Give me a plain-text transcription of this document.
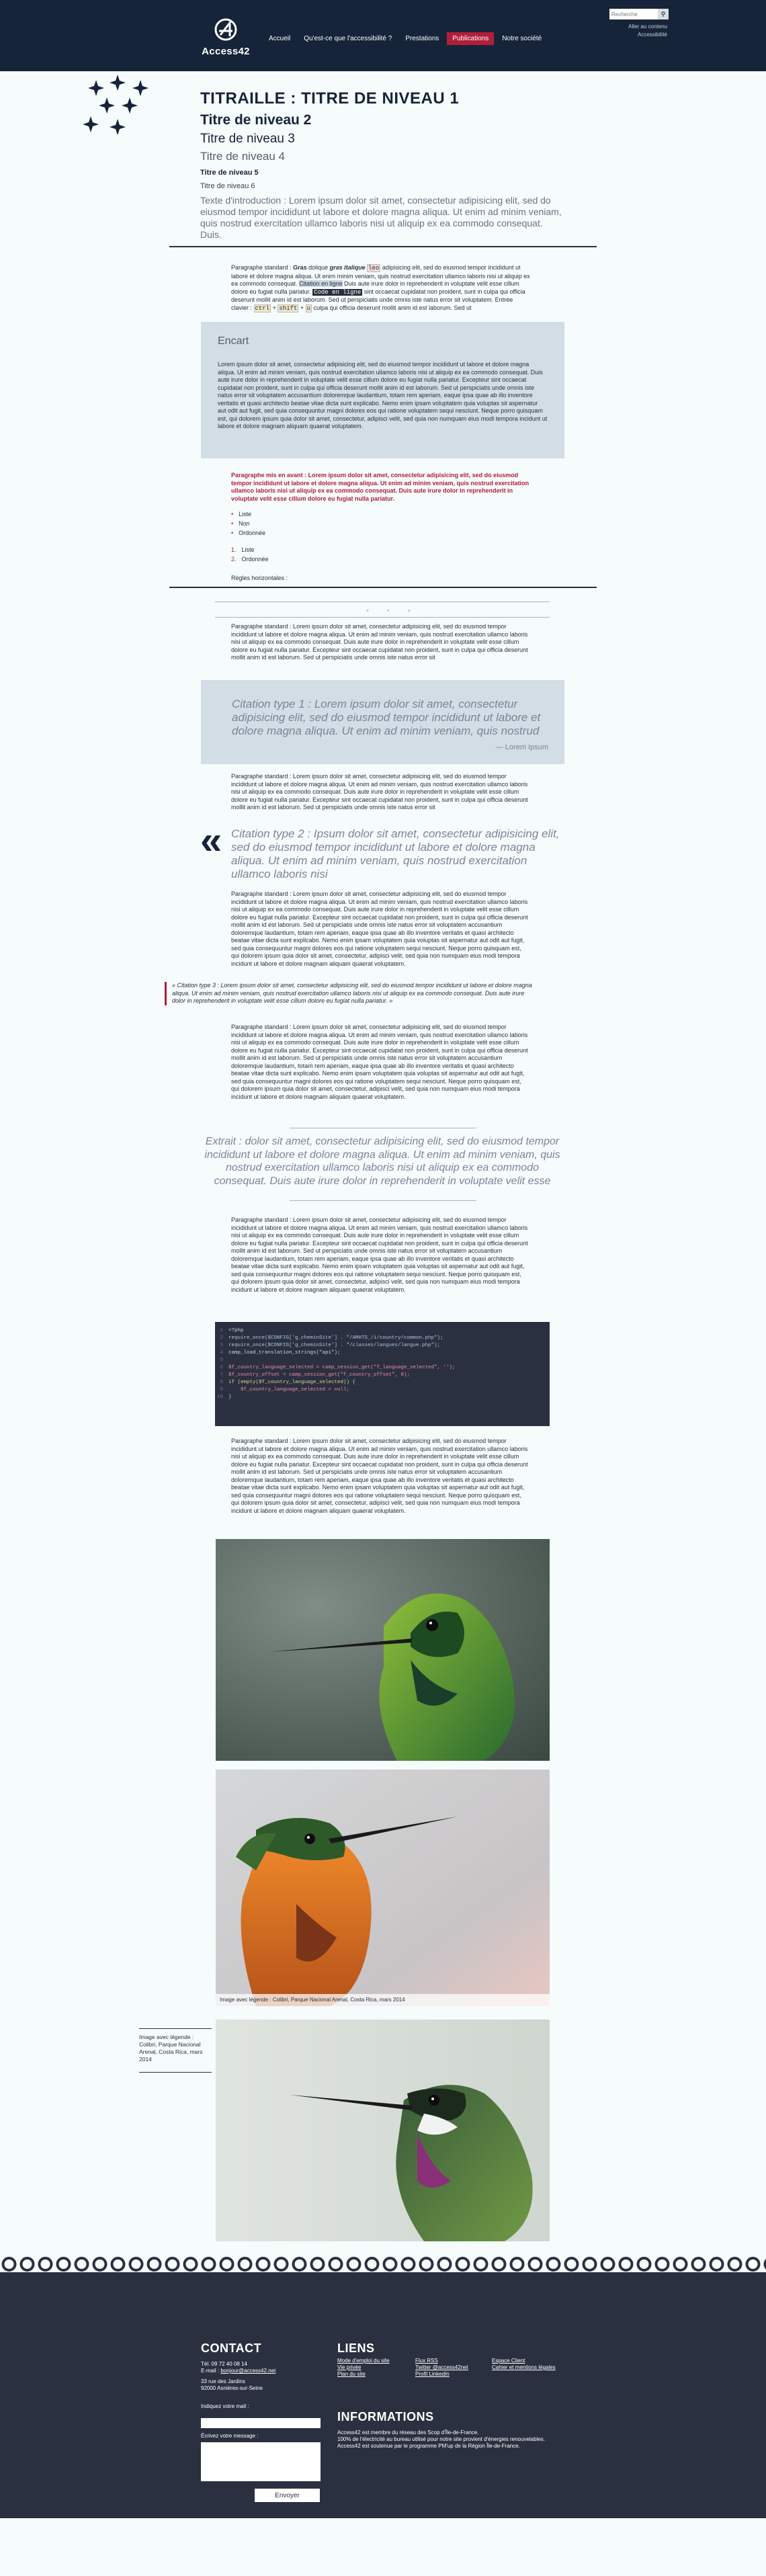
Access42
Accueil	Qu'est-ce que l'accessibilité ?	Prestations	Publications	Notre société
Recherche
⚲
Aller au contenu
Accessibilité
TITRAILLE : TITRE DE NIVEAU 1
Titre de niveau 2
Titre de niveau 3
Titre de niveau 4
Titre de niveau 5
Titre de niveau 6
Texte d'introduction : Lorem ipsum dolor sit amet, consectetur adipisicing elit, sed do eiusmod tempor incididunt ut labore et dolore magna aliqua. Ut enim ad minim veniam, quis nostrud exercitation ullamco laboris nisi ut aliquip ex ea commodo consequat. Duis.
Paragraphe standard : Gras dolique gras italique leo adipisicing elit, sed do eiusmod tempor incididunt ut labore et dolore magna aliqua. Ut enim minim veniam, quis nostrud exercitation ullamco laboris nisi ut aliquip ex ea commodo consequat. Citation en ligne Duis aute irure dolor in reprehenderit in voluptate velit esse cillum dolore eu fugiat nulla pariatur. Code en ligne sint occaecat cupidatat non proident, sunt in culpa qui officia deserunt mollit anim id est laborum. Sed ut perspiciatis unde omnis iste natus error sit voluptatem. Entrée clavier : ctrl + shift + u culpa qui officia deserunt mollit anim id est laborum. Sed ut
Encart
Lorem ipsum dolor sit amet, consectetur adipisicing elit, sed do eiusmod tempor incididunt ut labore et dolore magna aliqua. Ut enim ad minim veniam, quis nostrud exercitation ullamco laboris nisi ut aliquip ex ea commodo consequat. Duis aute irure dolor in reprehenderit in voluptate velit esse cillum dolore eu fugiat nulla pariatur. Excepteur sint occaecat cupidatat non proident, sunt in culpa qui officia deserunt mollit anim id est laborum. Sed ut perspiciatis unde omnis iste natus error sit voluptatem accusantium doloremque laudantium, totam rem aperiam, eaque ipsa quae ab illo inventore veritatis et quasi architecto beatae vitae dicta sunt explicabo. Nemo enim ipsam voluptatem quia voluptas sit aspernatur aut odit aut fugit, sed quia consequuntur magni dolores eos qui ratione voluptatem sequi nesciunt. Neque porro quisquam est, qui dolorem ipsum quia dolor sit amet, consectetur, adipisci velit, sed quia non numquam eius modi tempora incidunt ut labore et dolore magnam aliquam quaerat voluptatem.
Paragraphe mis en avant : Lorem ipsum dolor sit amet, consectetur adipisicing elit, sed do eiusmod tempor incididunt ut labore et dolore magna aliqua. Ut enim ad minim veniam, quis nostrud exercitation ullamco laboris nisi ut aliquip ex ea commodo consequat. Duis aute irure dolor in reprehenderit in voluptate velit esse cillum dolore eu fugiat nulla pariatur.
• Liste
• Non
• Ordonnée
1. Liste
2. Ordonnée
Règles horizontales :
• • •
Paragraphe standard : Lorem ipsum dolor sit amet, consectetur adipisicing elit, sed do eiusmod tempor incididunt ut labore et dolore magna aliqua. Ut enim ad minim veniam, quis nostrud exercitation ullamco laboris nisi ut aliquip ex ea commodo consequat. Duis aute irure dolor in reprehenderit in voluptate velit esse cillum dolore eu fugiat nulla pariatur. Excepteur sint occaecat cupidatat non proident, sunt in culpa qui officia deserunt mollit anim id est laborum. Sed ut perspiciatis unde omnis iste natus error sit
Citation type 1 : Lorem ipsum dolor sit amet, consectetur adipisicing elit, sed do eiusmod tempor incididunt ut labore et dolore magna aliqua. Ut enim ad minim veniam, quis nostrud
— Lorem Ipsum
Paragraphe standard : Lorem ipsum dolor sit amet, consectetur adipisicing elit, sed do eiusmod tempor incididunt ut labore et dolore magna aliqua. Ut enim ad minim veniam, quis nostrud exercitation ullamco laboris nisi ut aliquip ex ea commodo consequat. Duis aute irure dolor in reprehenderit in voluptate velit esse cillum dolore eu fugiat nulla pariatur. Excepteur sint occaecat cupidatat non proident, sunt in culpa qui officia deserunt mollit anim id est laborum. Sed ut perspiciatis unde omnis iste natus error sit
« Citation type 2 : Ipsum dolor sit amet, consectetur adipisicing elit, sed do eiusmod tempor incididunt ut labore et dolore magna aliqua. Ut enim ad minim veniam, quis nostrud exercitation ullamco laboris nisi
Paragraphe standard : Lorem ipsum dolor sit amet, consectetur adipisicing elit, sed do eiusmod tempor incididunt ut labore et dolore magna aliqua. Ut enim ad minim veniam, quis nostrud exercitation ullamco laboris nisi ut aliquip ex ea commodo consequat. Duis aute irure dolor in reprehenderit in voluptate velit esse cillum dolore eu fugiat nulla pariatur. Excepteur sint occaecat cupidatat non proident, sunt in culpa qui officia deserunt mollit anim id est laborum. Sed ut perspiciatis unde omnis iste natus error sit voluptatem accusantium doloremque laudantium, totam rem aperiam, eaque ipsa quae ab illo inventore veritatis et quasi architecto beatae vitae dicta sunt explicabo. Nemo enim ipsam voluptatem quia voluptas sit aspernatur aut odit aut fugit, sed quia consequuntur magni dolores eos qui ratione voluptatem sequi nesciunt. Neque porro quisquam est, qui dolorem ipsum quia dolor sit amet, consectetur, adipisci velit, sed quia non numquam eius modi tempora incidunt ut labore et dolore magnam aliquam quaerat voluptatem.
« Citation type 3 : Lorem ipsum dolor sit amet, consectetur adipisicing elit, sed do eiusmod tempor incididunt ut labore et dolore magna aliqua. Ut enim ad minim veniam, quis nostrud exercitation ullamco laboris nisi ut aliquip ex ea commodo consequat. Duis aute irure dolor in reprehenderit in voluptate velit esse cillum dolore eu fugiat nulla pariatur. »
Paragraphe standard : Lorem ipsum dolor sit amet, consectetur adipisicing elit, sed do eiusmod tempor incididunt ut labore et dolore magna aliqua. Ut enim ad minim veniam, quis nostrud exercitation ullamco laboris nisi ut aliquip ex ea commodo consequat. Duis aute irure dolor in reprehenderit in voluptate velit esse cillum dolore eu fugiat nulla pariatur. Excepteur sint occaecat cupidatat non proident, sunt in culpa qui officia deserunt mollit anim id est laborum. Sed ut perspiciatis unde omnis iste natus error sit voluptatem accusantium doloremque laudantium, totam rem aperiam, eaque ipsa quae ab illo inventore veritatis et quasi architecto beatae vitae dicta sunt explicabo. Nemo enim ipsam voluptatem quia voluptas sit aspernatur aut odit aut fugit, sed quia consequuntur magni dolores eos qui ratione voluptatem sequi nesciunt. Neque porro quisquam est, qui dolorem ipsum quia dolor sit amet, consectetur, adipisci velit, sed quia non numquam eius modi tempora incidunt ut labore et dolore magnam aliquam quaerat voluptatem.
Extrait : dolor sit amet, consectetur adipisicing elit, sed do eiusmod tempor incididunt ut labore et dolore magna aliqua. Ut enim ad minim veniam, quis nostrud exercitation ullamco laboris nisi ut aliquip ex ea commodo consequat. Duis aute irure dolor in reprehenderit in voluptate velit esse
Paragraphe standard : Lorem ipsum dolor sit amet, consectetur adipisicing elit, sed do eiusmod tempor incididunt ut labore et dolore magna aliqua. Ut enim ad minim veniam, quis nostrud exercitation ullamco laboris nisi ut aliquip ex ea commodo consequat. Duis aute irure dolor in reprehenderit in voluptate velit esse cillum dolore eu fugiat nulla pariatur. Excepteur sint occaecat cupidatat non proident, sunt in culpa qui officia deserunt mollit anim id est laborum. Sed ut perspiciatis unde omnis iste natus error sit voluptatem accusantium doloremque laudantium, totam rem aperiam, eaque ipsa quae ab illo inventore veritatis et quasi architecto beatae vitae dicta sunt explicabo. Nemo enim ipsam voluptatem quia voluptas sit aspernatur aut odit aut fugit, sed quia consequuntur magni dolores eos qui ratione voluptatem sequi nesciunt. Neque porro quisquam est, qui dolorem ipsum quia dolor sit amet, consectetur, adipisci velit, sed quia non numquam eius modi tempora incidunt ut labore et dolore magnam aliquam quaerat voluptatem.
1	<?php
2	require_once($CONFIG['g_cheminSite'] . "/AMHTS_/i/country/common.php");
3	require_once($CONFIG['g_cheminSite'] . "/classes/langues/langue.php");
4	camp_load_translation_strings("api");
5
6	$f_country_language_selected = camp_session_get("f_language_selected", '');
7	$f_country_offset = camp_session_get("f_country_offset", 0);
8	if (empty($f_country_language_selected)) {
9	$f_country_language_selected = null;
10	}
Paragraphe standard : Lorem ipsum dolor sit amet, consectetur adipisicing elit, sed do eiusmod tempor incididunt ut labore et dolore magna aliqua. Ut enim ad minim veniam, quis nostrud exercitation ullamco laboris nisi ut aliquip ex ea commodo consequat. Duis aute irure dolor in reprehenderit in voluptate velit esse cillum dolore eu fugiat nulla pariatur. Excepteur sint occaecat cupidatat non proident, sunt in culpa qui officia deserunt mollit anim id est laborum. Sed ut perspiciatis unde omnis iste natus error sit voluptatem accusantium doloremque laudantium, totam rem aperiam, eaque ipsa quae ab illo inventore veritatis et quasi architecto beatae vitae dicta sunt explicabo. Nemo enim ipsam voluptatem quia voluptas sit aspernatur aut odit aut fugit, sed quia consequuntur magni dolores eos qui ratione voluptatem sequi nesciunt. Neque porro quisquam est, qui dolorem ipsum quia dolor sit amet, consectetur, adipisci velit, sed quia non numquam eius modi tempora incidunt ut labore et dolore magnam aliquam quaerat voluptatem.
Image avec légende : Colibri, Parque Nacional Arenal, Costa Rica, mars 2014
Image avec légende : Colibri, Parque Nacional Arenal, Costa Rica, mars 2014
CONTACT
Tél. 09 72 40 08 14
E-mail : bonjour@access42.net
33 rue des Jardins
92000 Asnières-sur-Seine
Indiquez votre mail :
Écrivez votre message :
Envoyer
LIENS
Mode d'emploi du site
Vie privée
Plan du site
Flux RSS
Twitter @access42net
Profil LinkedIn
Espace Client
Cahier et mentions légales
INFORMATIONS
Access42 est membre du réseau des Scop d'Île-de-France.
100% de l'électricité au bureau utilisé pour notre site provient d'énergies renouvelables.
Access42 est soutenue par le programme PM'up de la Région Île-de-France.
